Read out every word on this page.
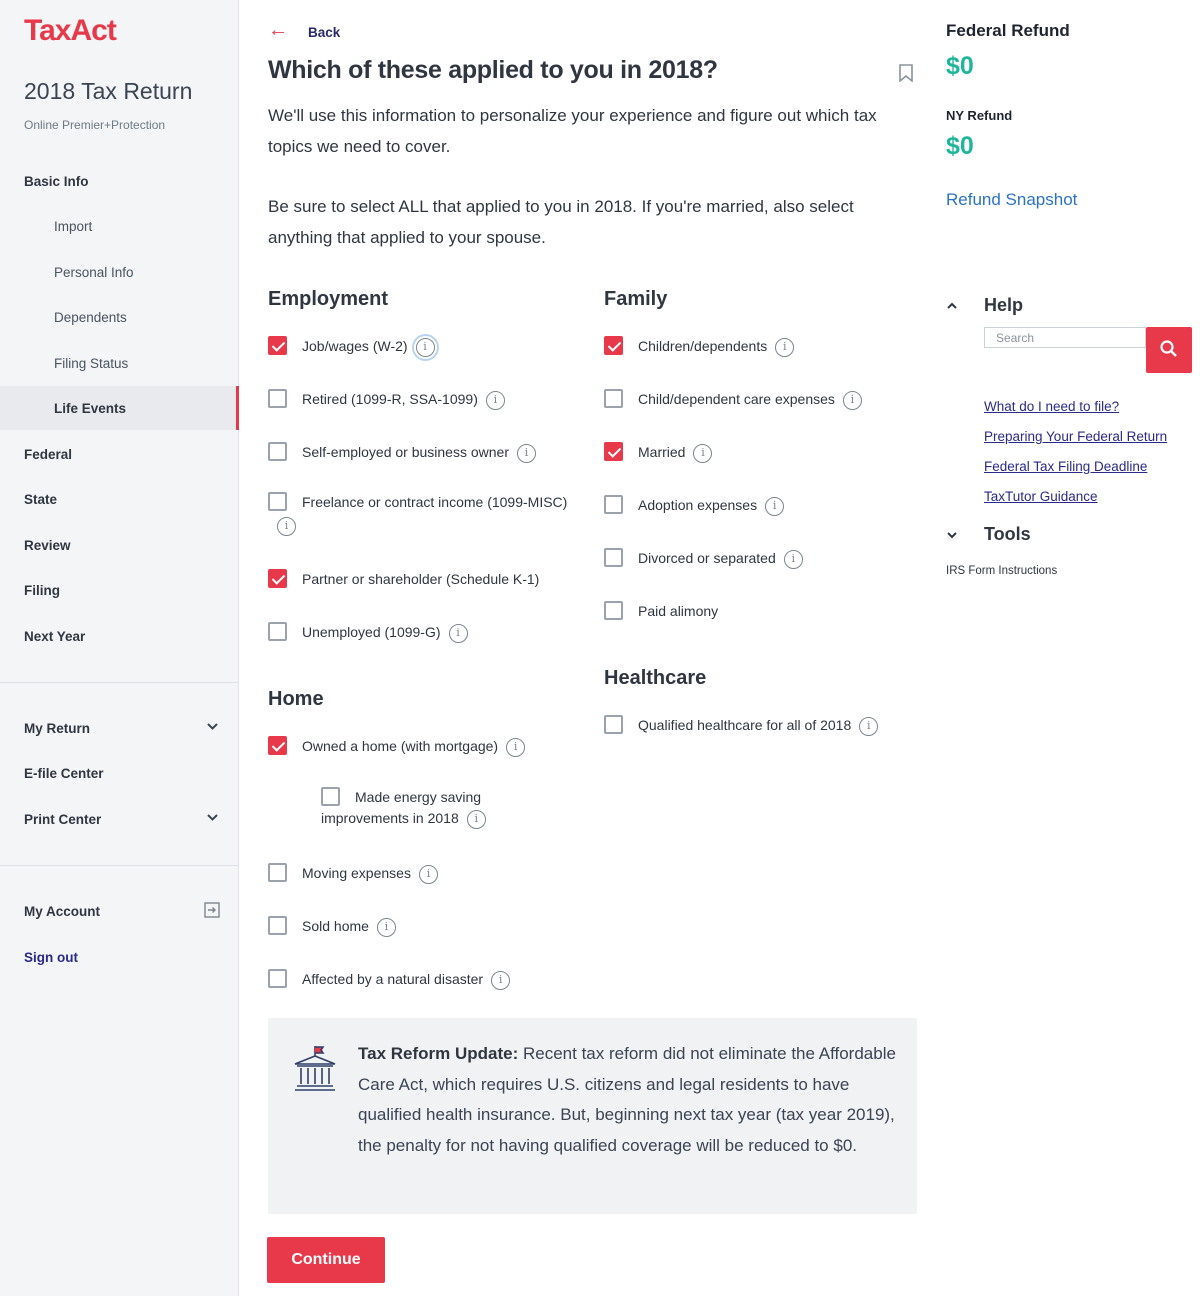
TaxAct
2018 Tax Return
Online Premier+Protection
Basic Info
Import
Personal Info
Dependents
Filing Status
Life Events
Federal
State
Review
Filing
Next Year
My Return
E-file Center
Print Center
My Account
Sign out
← Back
Which of these applied to you in 2018?

We'll use this information to personalize your experience and figure out which tax topics we need to cover.

Be sure to select ALL that applied to you in 2018. If you're married, also select anything that applied to your spouse.

Employment
Job/wages (W-2) i
Retired (1099-R, SSA-1099) i
Self-employed or business owner i
Freelance or contract income (1099-MISC)
i
Partner or shareholder (Schedule K-1)
Unemployed (1099-G) i
Home
Owned a home (with mortgage) i
Made energy saving
improvements in 2018 i
Moving expenses i
Sold home i
Affected by a natural disaster i
Family
Children/dependents i
Child/dependent care expenses i
Married i
Adoption expenses i
Divorced or separated i
Paid alimony
Healthcare
Qualified healthcare for all of 2018 i

Tax Reform Update: Recent tax reform did not eliminate the Affordable Care Act, which requires U.S. citizens and legal residents to have qualified health insurance. But, beginning next tax year (tax year 2019), the penalty for not having qualified coverage will be reduced to $0.

Continue
Federal Refund
$0
NY Refund
$0
Refund Snapshot
Help
Search
What do I need to file?
Preparing Your Federal Return
Federal Tax Filing Deadline
TaxTutor Guidance
Tools
IRS Form Instructions
